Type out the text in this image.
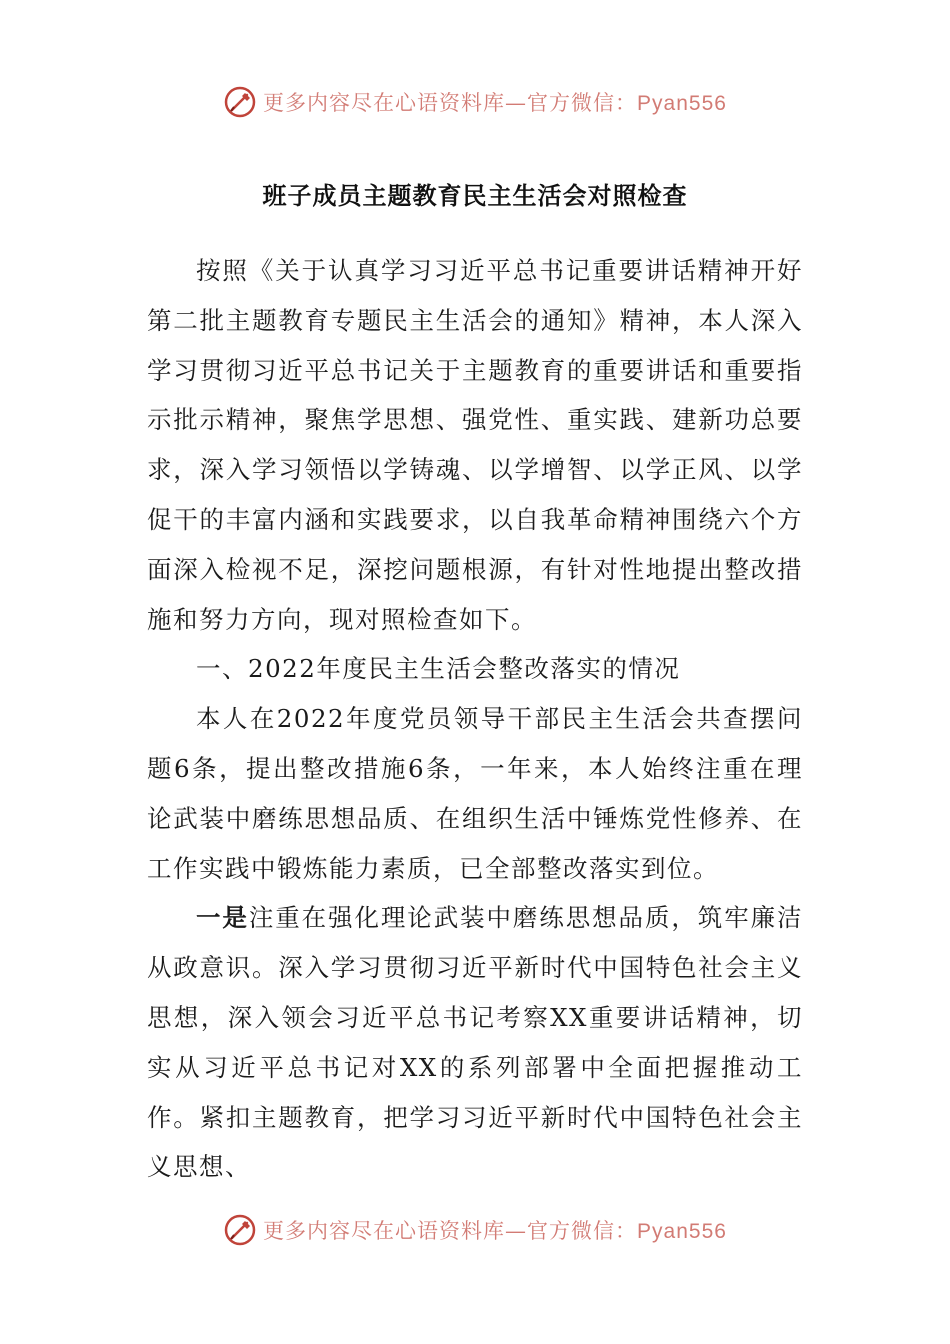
更多内容尽在心语资料库—官方微信：Pyan556
班子成员主题教育民主生活会对照检查

按照《关于认真学习习近平总书记重要讲话精神开好第二批主题教育专题民主生活会的通知》精神，本人深入学习贯彻习近平总书记关于主题教育的重要讲话和重要指示批示精神，聚焦学思想、强党性、重实践、建新功总要求，深入学习领悟以学铸魂、以学增智、以学正风、以学促干的丰富内涵和实践要求，以自我革命精神围绕六个方面深入检视不足，深挖问题根源，有针对性地提出整改措施和努力方向，现对照检查如下。

一、2022年度民主生活会整改落实的情况

本人在2022年度党员领导干部民主生活会共查摆问题6条，提出整改措施6条，一年来，本人始终注重在理论武装中磨练思想品质、在组织生活中锤炼党性修养、在工作实践中锻炼能力素质，已全部整改落实到位。

一是注重在强化理论武装中磨练思想品质，筑牢廉洁从政意识。深入学习贯彻习近平新时代中国特色社会主义思想，深入领会习近平总书记考察XX重要讲话精神，切实从习近平总书记对XX的系列部署中全面把握推动工作。紧扣主题教育，把学习习近平新时代中国特色社会主义思想、

更多内容尽在心语资料库—官方微信：Pyan556
